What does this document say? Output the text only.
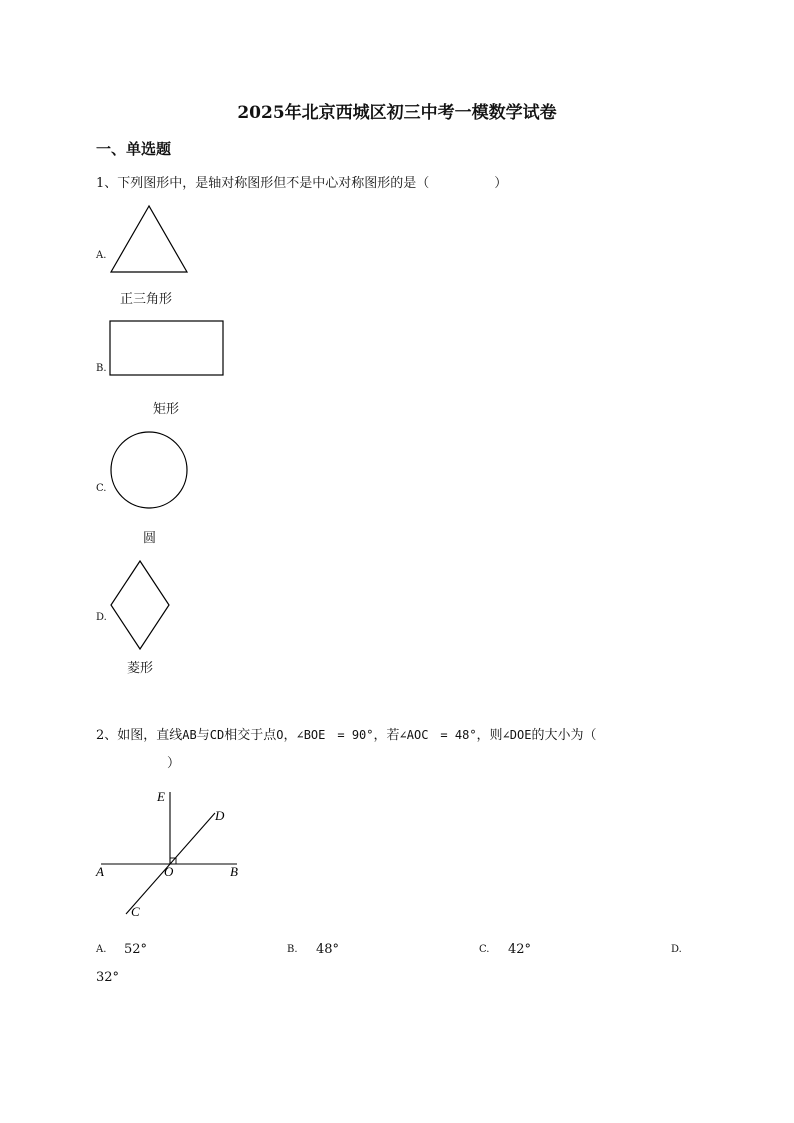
2025年北京西城区初三中考一模数学试卷
一、单选题
1、下列图形中，是轴对称图形但不是中心对称图形的是（　　　　　）
A.
正三角形
B.
矩形
C.
圆
D.
菱形
2、如图，直线AB与CD相交于点O，∠BOE　= 90°，若∠AOC　= 48°，则∠DOE的大小为（
）
E
D
A	O	B
C
A. 52°	B. 48°	C. 42°	D.
32°
